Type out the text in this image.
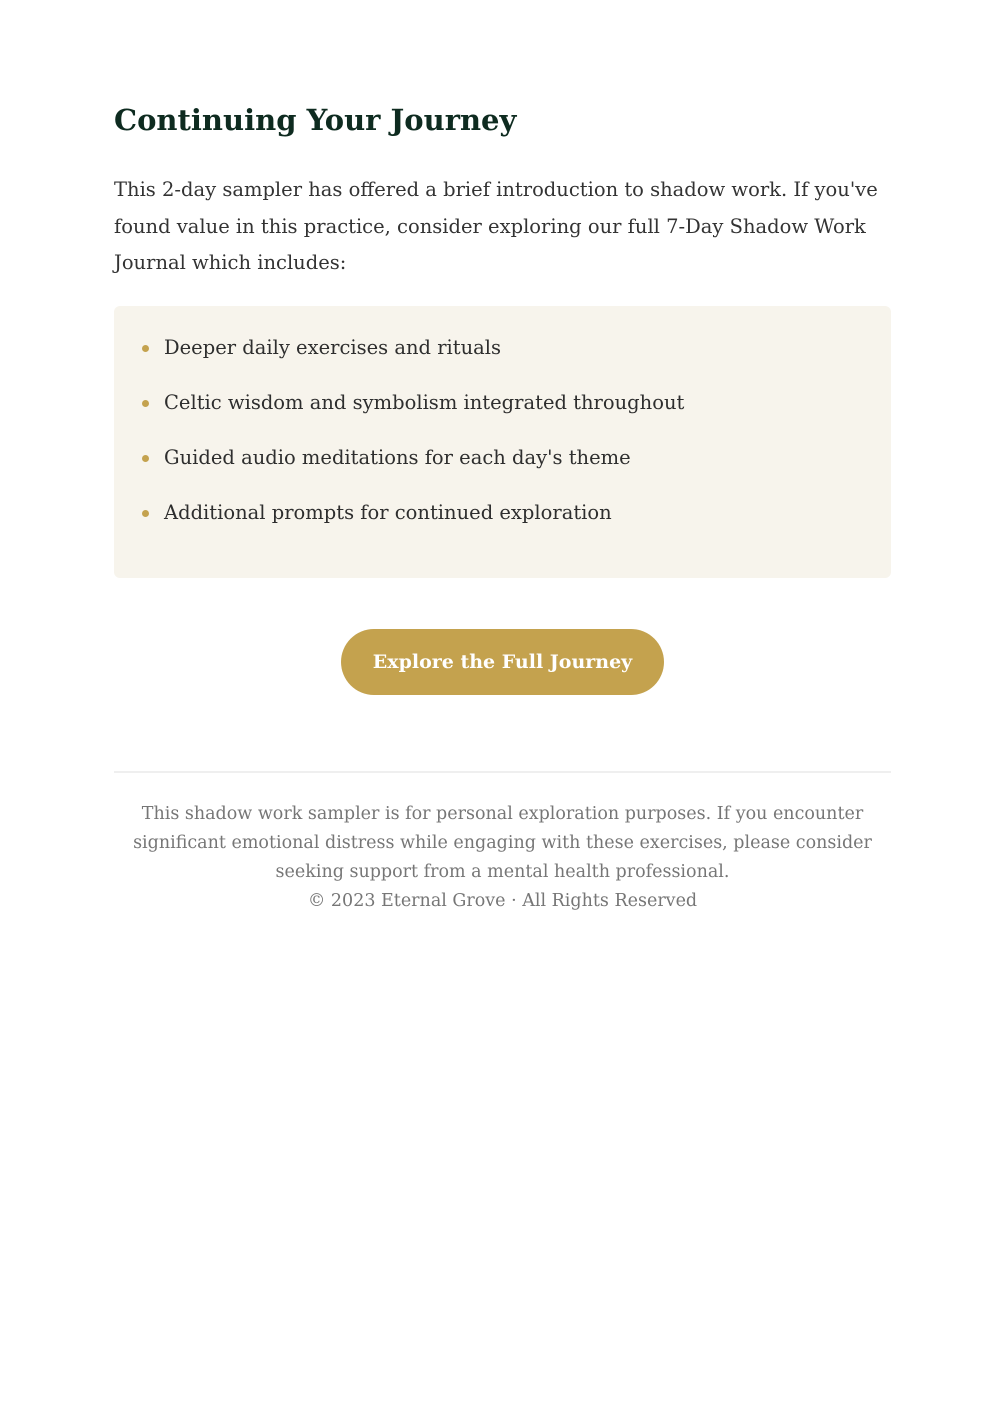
Continuing Your Journey

This 2-day sampler has offered a brief introduction to shadow work. If you've found value in this practice, consider exploring our full 7-Day Shadow Work Journal which includes:

Deeper daily exercises and rituals
Celtic wisdom and symbolism integrated throughout
Guided audio meditations for each day's theme
Additional prompts for continued exploration
Explore the Full Journey

This shadow work sampler is for personal exploration purposes. If you encounter significant emotional distress while engaging with these exercises, please consider seeking support from a mental health professional.

© 2023 Eternal Grove · All Rights Reserved
